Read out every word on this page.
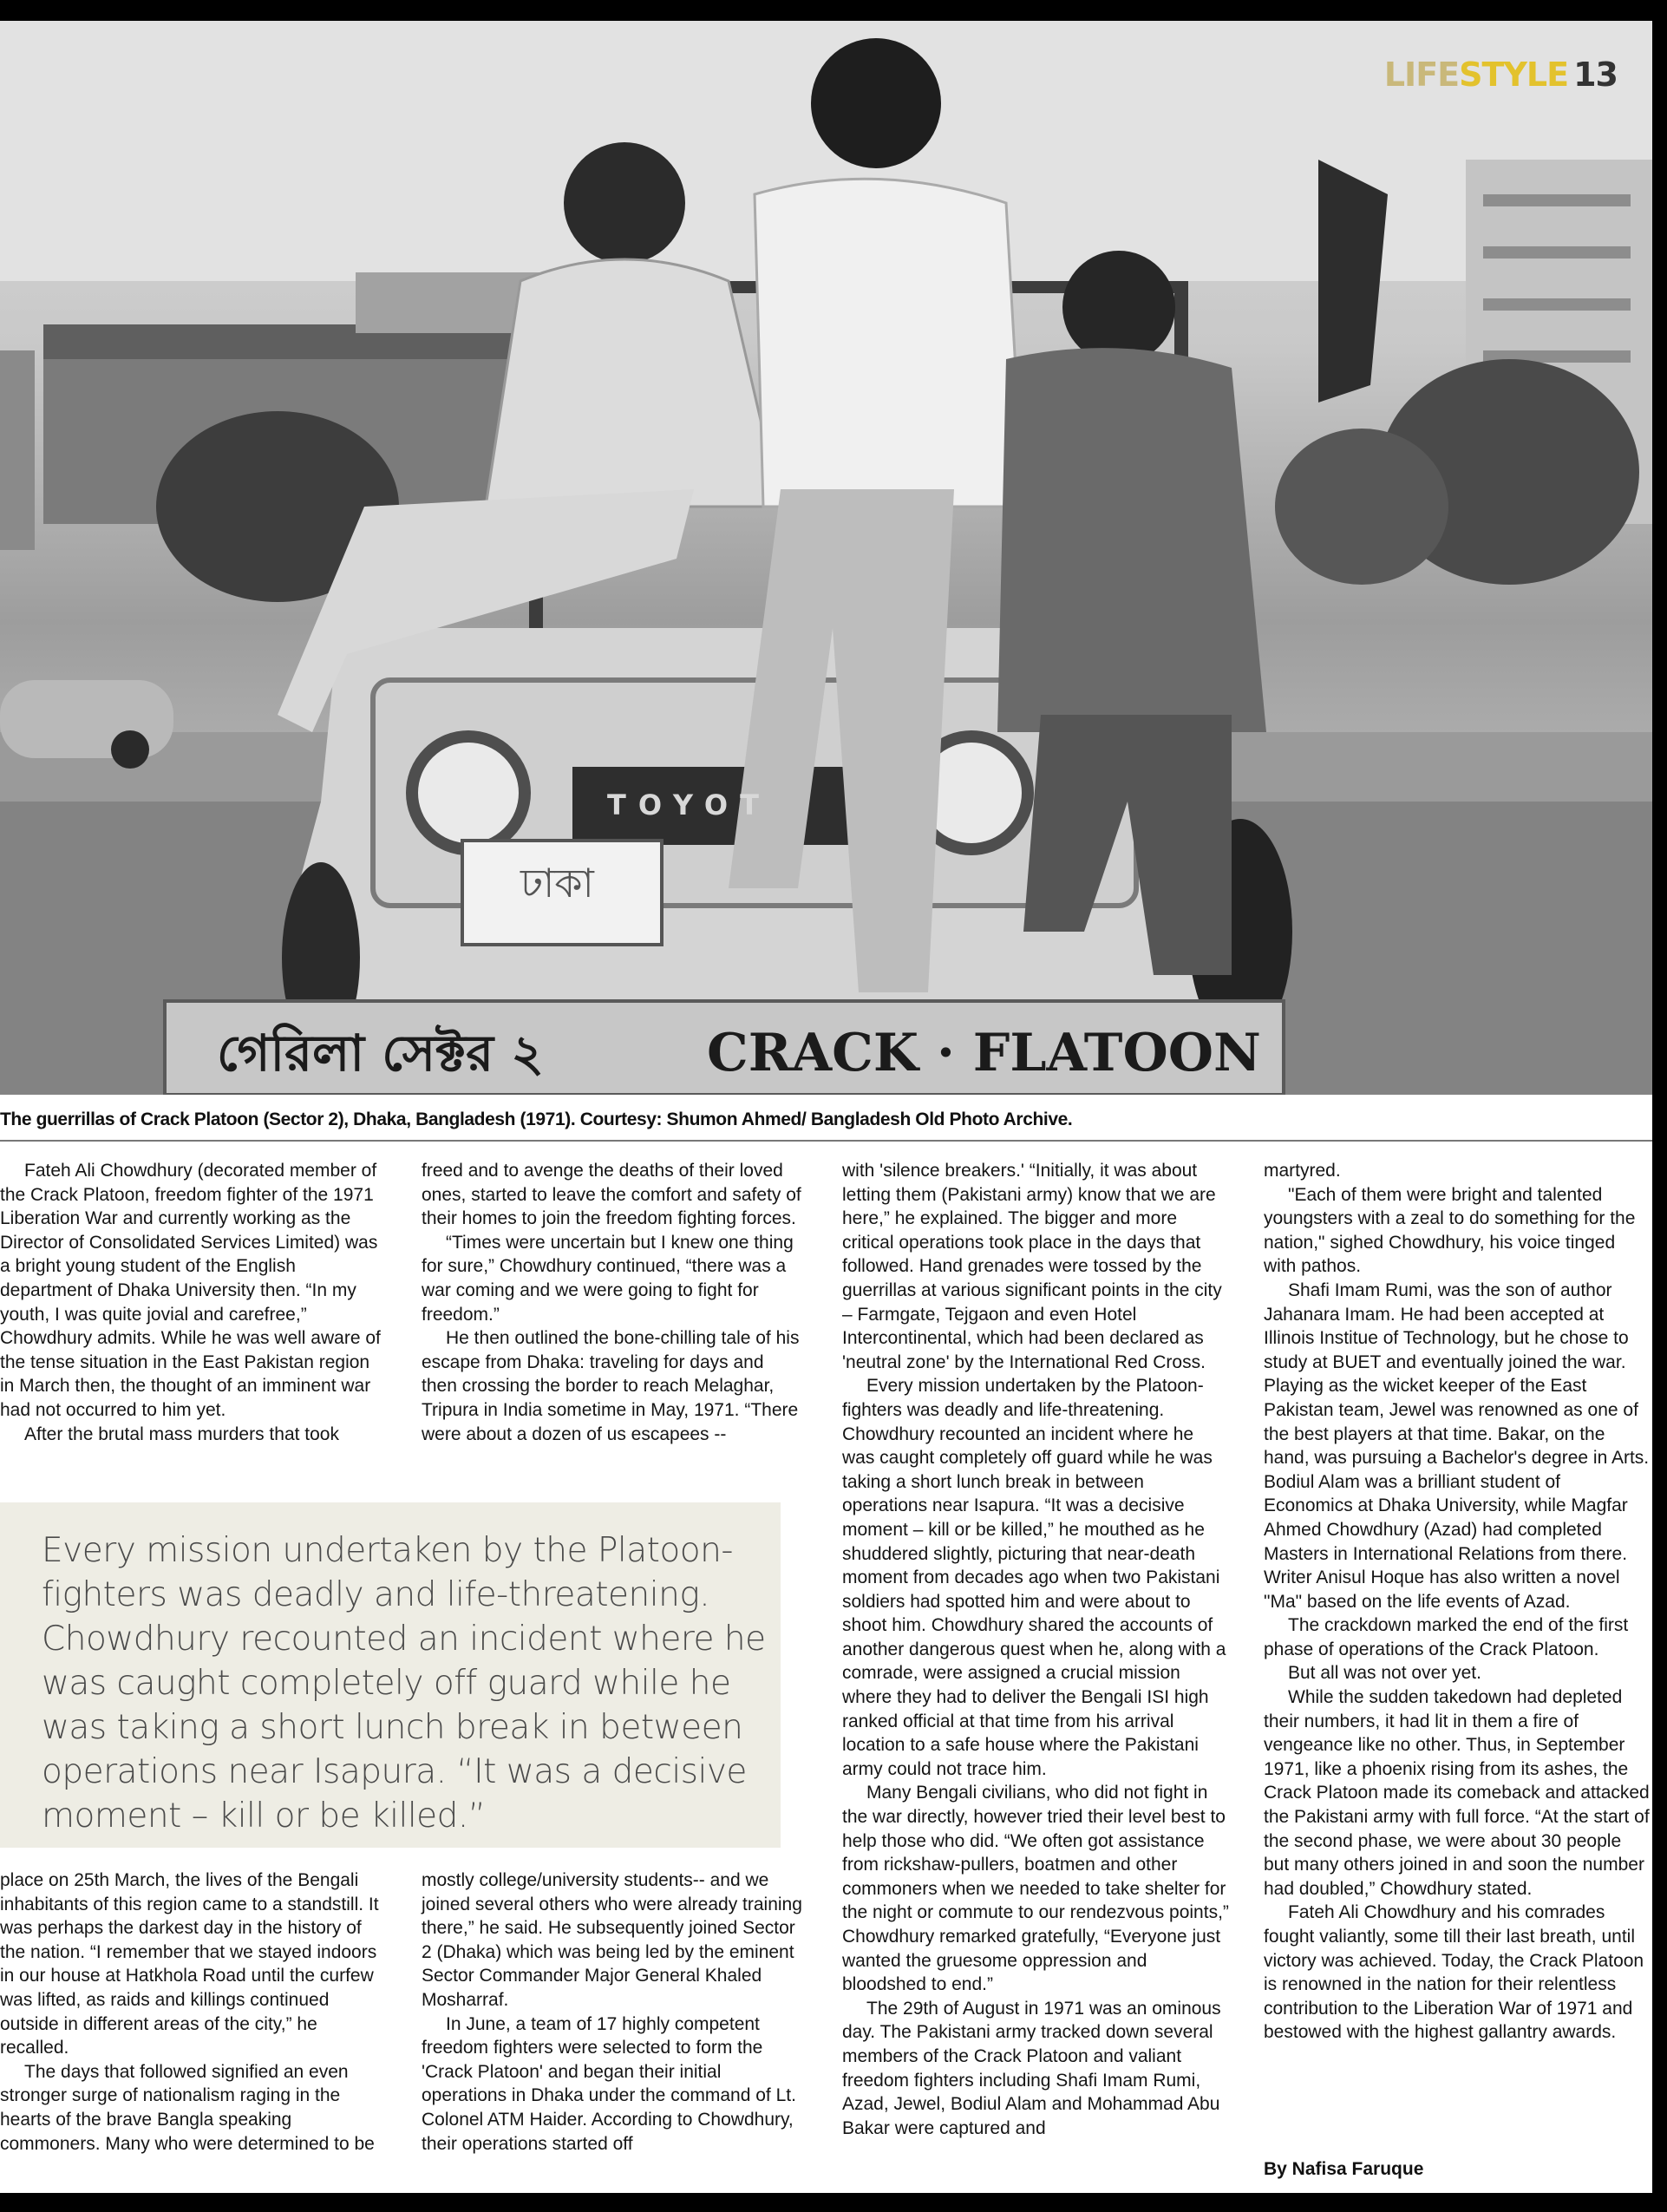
TOYOT
ঢাকা
গেরিলা সেক্টর ২	CRACK · FLATOON
LIFESTYLE 13
The guerrillas of Crack Platoon (Sector 2), Dhaka, Bangladesh (1971). Courtesy: Shumon Ahmed/ Bangladesh Old Photo Archive.

Fateh Ali Chowdhury (decorated member of the Crack Platoon, freedom fighter of the 1971 Liberation War and currently working as the Director of Consolidated Services Limited) was a bright young student of the English department of Dhaka University then. “In my youth, I was quite jovial and carefree,” Chowdhury admits. While he was well aware of the tense situation in the East Pakistan region in March then, the thought of an imminent war had not occurred to him yet.

After the brutal mass murders that took

Every mission undertaken by the Platoon-fighters was deadly and life-threatening. Chowdhury recounted an incident where he was caught completely off guard while he was taking a short lunch break in between operations near Isapura. “It was a decisive moment – kill or be killed.”

place on 25th March, the lives of the Bengali inhabitants of this region came to a standstill. It was perhaps the darkest day in the history of the nation. “I remember that we stayed indoors in our house at Hatkhola Road until the curfew was lifted, as raids and killings continued outside in different areas of the city,” he recalled.

The days that followed signified an even stronger surge of nationalism raging in the hearts of the brave Bangla speaking commoners. Many who were determined to be

freed and to avenge the deaths of their loved ones, started to leave the comfort and safety of their homes to join the freedom fighting forces.

“Times were uncertain but I knew one thing for sure,” Chowdhury continued, “there was a war coming and we were going to fight for freedom.”

He then outlined the bone-chilling tale of his escape from Dhaka: traveling for days and then crossing the border to reach Melaghar, Tripura in India sometime in May, 1971. “There were about a dozen of us escapees --

mostly college/university students-- and we joined several others who were already training there,” he said. He subsequently joined Sector 2 (Dhaka) which was being led by the eminent Sector Commander Major General Khaled Mosharraf.

In June, a team of 17 highly competent freedom fighters were selected to form the 'Crack Platoon' and began their initial operations in Dhaka under the command of Lt. Colonel ATM Haider. According to Chowdhury, their operations started off

with 'silence breakers.' “Initially, it was about letting them (Pakistani army) know that we are here,” he explained. The bigger and more critical operations took place in the days that followed. Hand grenades were tossed by the guerrillas at various significant points in the city – Farmgate, Tejgaon and even Hotel Intercontinental, which had been declared as 'neutral zone' by the International Red Cross.

Every mission undertaken by the Platoon-fighters was deadly and life-threatening. Chowdhury recounted an incident where he was caught completely off guard while he was taking a short lunch break in between operations near Isapura. “It was a decisive moment – kill or be killed,” he mouthed as he shuddered slightly, picturing that near-death moment from decades ago when two Pakistani soldiers had spotted him and were about to shoot him. Chowdhury shared the accounts of another dangerous quest when he, along with a comrade, were assigned a crucial mission where they had to deliver the Bengali ISI high ranked official at that time from his arrival location to a safe house where the Pakistani army could not trace him.

Many Bengali civilians, who did not fight in the war directly, however tried their level best to help those who did. “We often got assistance from rickshaw-pullers, boatmen and other commoners when we needed to take shelter for the night or commute to our rendezvous points,” Chowdhury remarked gratefully, “Everyone just wanted the gruesome oppression and bloodshed to end.”

The 29th of August in 1971 was an ominous day. The Pakistani army tracked down several members of the Crack Platoon and valiant freedom fighters including Shafi Imam Rumi, Azad, Jewel, Bodiul Alam and Mohammad Abu Bakar were captured and

martyred.

"Each of them were bright and talented youngsters with a zeal to do something for the nation," sighed Chowdhury, his voice tinged with pathos.

Shafi Imam Rumi, was the son of author Jahanara Imam. He had been accepted at Illinois Institue of Technology, but he chose to study at BUET and eventually joined the war. Playing as the wicket keeper of the East Pakistan team, Jewel was renowned as one of the best players at that time. Bakar, on the hand, was pursuing a Bachelor's degree in Arts. Bodiul Alam was a brilliant student of Economics at Dhaka University, while Magfar Ahmed Chowdhury (Azad) had completed Masters in International Relations from there. Writer Anisul Hoque has also written a novel "Ma" based on the life events of Azad.

The crackdown marked the end of the first phase of operations of the Crack Platoon.

But all was not over yet.

While the sudden takedown had depleted their numbers, it had lit in them a fire of vengeance like no other. Thus, in September 1971, like a phoenix rising from its ashes, the Crack Platoon made its comeback and attacked the Pakistani army with full force. “At the start of the second phase, we were about 30 people but many others joined in and soon the number had doubled,” Chowdhury stated.

Fateh Ali Chowdhury and his comrades fought valiantly, some till their last breath, until victory was achieved. Today, the Crack Platoon is renowned in the nation for their relentless contribution to the Liberation War of 1971 and bestowed with the highest gallantry awards.

By Nafisa Faruque
